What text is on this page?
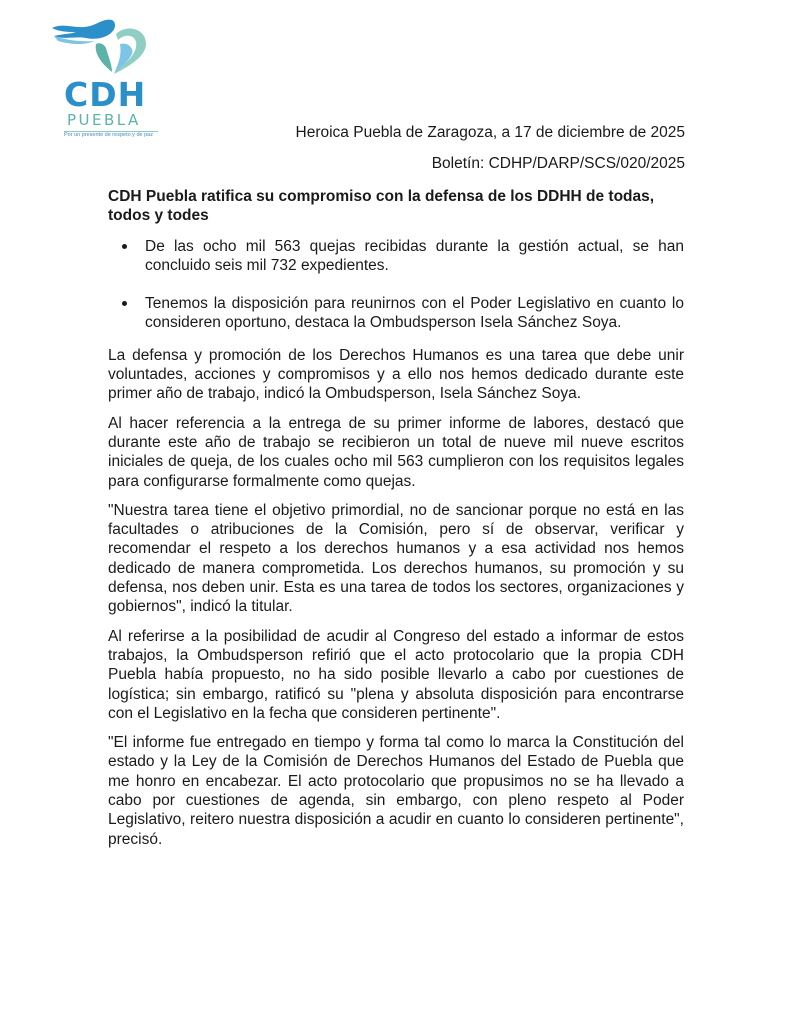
CDH
PUEBLA
Por un presente de respeto y de paz	Heroica Puebla de Zaragoza, a 17 de diciembre de 2025
Boletín: CDHP/DARP/SCS/020/2025
CDH Puebla ratifica su compromiso con la defensa de los DDHH de todas, todos y todes
De las ocho mil 563 quejas recibidas durante la gestión actual, se han concluido seis mil 732 expedientes.
Tenemos la disposición para reunirnos con el Poder Legislativo en cuanto lo consideren oportuno, destaca la Ombudsperson Isela Sánchez Soya.

La defensa y promoción de los Derechos Humanos es una tarea que debe unir voluntades, acciones y compromisos y a ello nos hemos dedicado durante este primer año de trabajo, indicó la Ombudsperson, Isela Sánchez Soya.

Al hacer referencia a la entrega de su primer informe de labores, destacó que durante este año de trabajo se recibieron un total de nueve mil nueve escritos iniciales de queja, de los cuales ocho mil 563 cumplieron con los requisitos legales para configurarse formalmente como quejas.

"Nuestra tarea tiene el objetivo primordial, no de sancionar porque no está en las facultades o atribuciones de la Comisión, pero sí de observar, verificar y recomendar el respeto a los derechos humanos y a esa actividad nos hemos dedicado de manera comprometida. Los derechos humanos, su promoción y su defensa, nos deben unir. Esta es una tarea de todos los sectores, organizaciones y gobiernos", indicó la titular.

Al referirse a la posibilidad de acudir al Congreso del estado a informar de estos trabajos, la Ombudsperson refirió que el acto protocolario que la propia CDH Puebla había propuesto, no ha sido posible llevarlo a cabo por cuestiones de logística; sin embargo, ratificó su "plena y absoluta disposición para encontrarse con el Legislativo en la fecha que consideren pertinente".

"El informe fue entregado en tiempo y forma tal como lo marca la Constitución del estado y la Ley de la Comisión de Derechos Humanos del Estado de Puebla que me honro en encabezar. El acto protocolario que propusimos no se ha llevado a cabo por cuestiones de agenda, sin embargo, con pleno respeto al Poder Legislativo, reitero nuestra disposición a acudir en cuanto lo consideren pertinente", precisó.
